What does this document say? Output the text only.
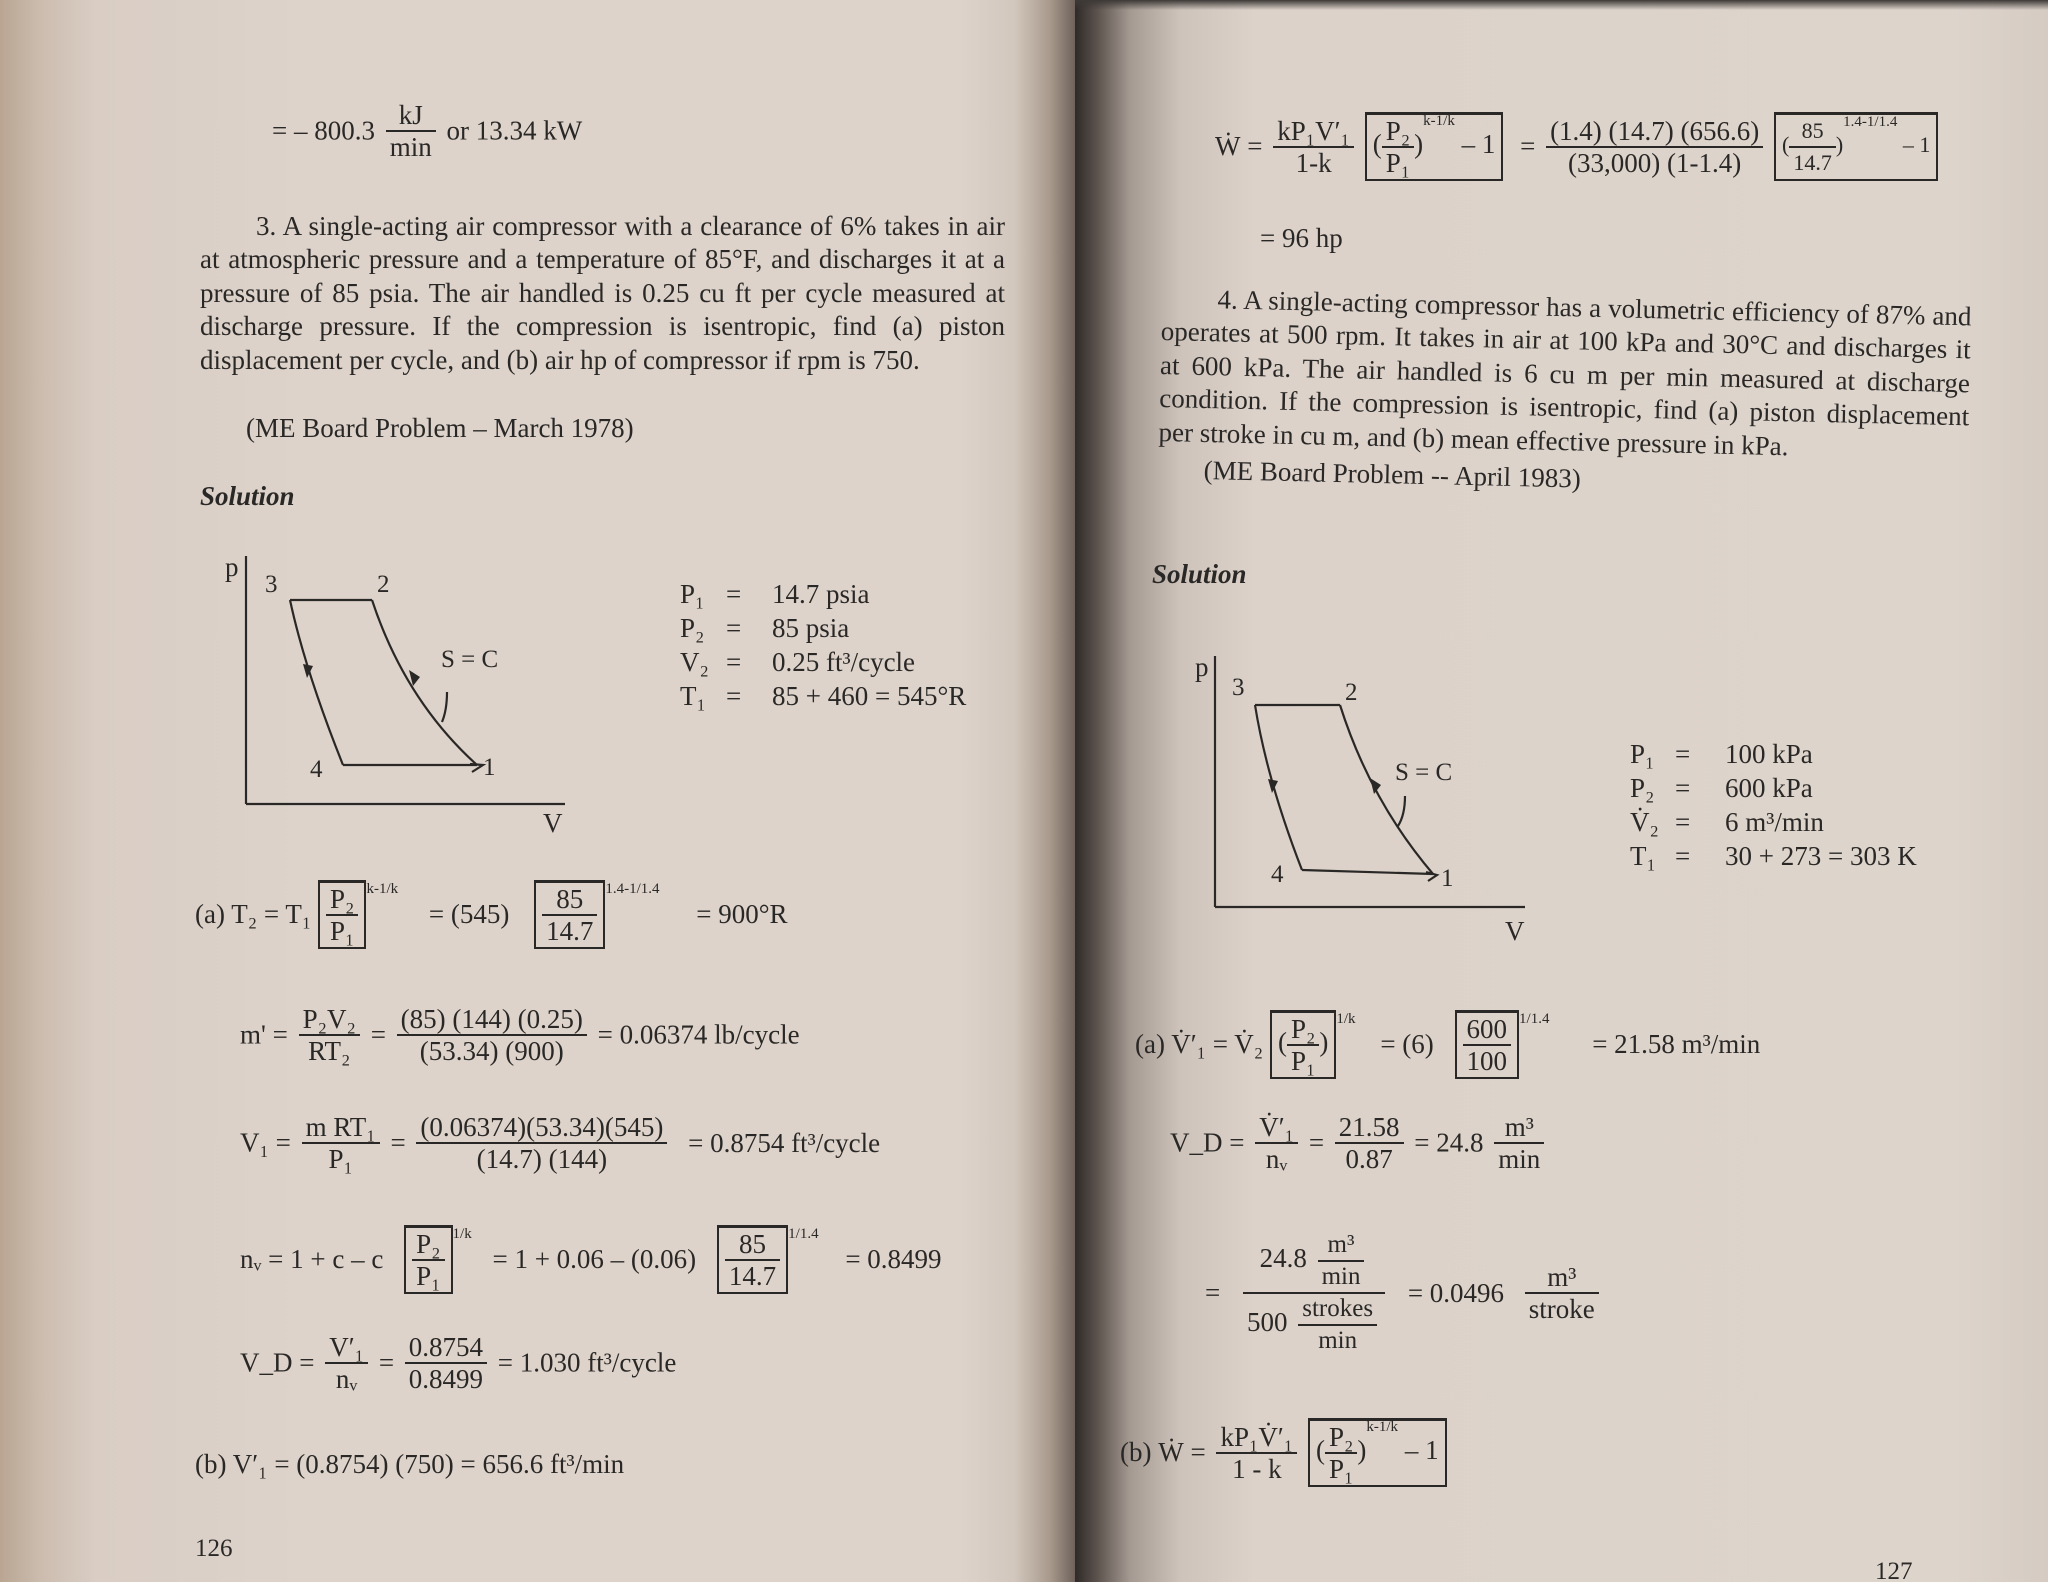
= – 800.3
kJ
min
or 13.34 kW
3. A single-acting air compressor with a clearance of 6% takes in air at atmospheric pressure and a temperature of 85°F, and discharges it at a pressure of 85 psia. The air handled is 0.25 cu ft per cycle measured at discharge pressure. If the compression is isentropic, find (a) piston displacement per cycle, and (b) air hp of compressor if rpm is 750.
(ME Board Problem – March 1978)
Solution
p
3	2
S = C
4	1
V
P₁ = 14.7 psia
P₂ = 85 psia
V₂ = 0.25 ft³/cycle
T₁ = 85 + 460 = 545°R
(a) $T_2 = T_1 \frac{\text{P₂}}{\text{P₁}} ^{k-1/k} = (545) \frac{85}{14.7} ^{1.4-1/1.4} = 900^\circ R$
$m' = \frac{\text{P₂V₂}}{\text{RT₂}} = \frac{(85) (144) (0.25)}{(53.34) (900)} = 0.06374$ lb/cycle
$V_1 = \frac{\text{m RT₁}}{\text{P₁}} = \frac{(0.06374)(53.34)(545)}{(14.7) (144)} = 0.8754$ ft³/cycle
nᵥ = 1 + c – c $\frac{\text{P₂}}{\text{P₁}} ^{1/k} = 1 + 0.06 - (0.06) \frac{85}{14.7} ^{1/1.4} = 0.8499$
V_D = $\frac{\text{V′₁}}{\text{nᵥ}} = \frac{0.8754}{0.8499} = 1.030$ ft³/cycle
(b) V′₁ = (0.8754) (750) = 656.6 ft³/min
126
Ẇ = $\frac{\text{kP₁V′₁}}{1-k}$ ( $\frac{\text{P₂}}{\text{P₁}} )^{k-1/k} - 1 = \frac{(1.4) (14.7) (656.6)}{(33,000) (1-1.4)}$ ( $\frac{85}{14.7} )^{1.4-1/1.4} - 1$
= 96 hp
4. A single-acting compressor has a volumetric efficiency of 87% and operates at 500 rpm. It takes in air at 100 kPa and 30°C and discharges it at 600 kPa. The air handled is 6 cu m per min measured at discharge condition. If the compression is isentropic, find (a) piston displacement per stroke in cu m, and (b) mean effective pressure in kPa.
(ME Board Problem -- April 1983)
Solution
p
3	2
S = C
4	1
V
P₁ = 100 kPa
P₂ = 600 kPa
V̇₂ = 6 m³/min
T₁ = 30 + 273 = 303 K
(a) V̇′₁ = V̇₂ ( $\frac{\text{P₂}}{\text{P₁}} )^{1/k} = (6) \frac{600}{100} ^{1/1.4} = 21.58$ m³/min
V_D = $\frac{\text{V̇′₁}}{\text{nᵥ}} = \frac{21.58}{0.87} = 24.8$
m³
min
=
24.8 m³
min
500 strokes
min
= 0.0496
m³
stroke
(b) Ẇ = $\frac{\text{kP₁V̇′₁}}{1 - k}$ ( $\frac{\text{P₂}}{\text{P₁}} )^{k-1/k} - 1$
127
